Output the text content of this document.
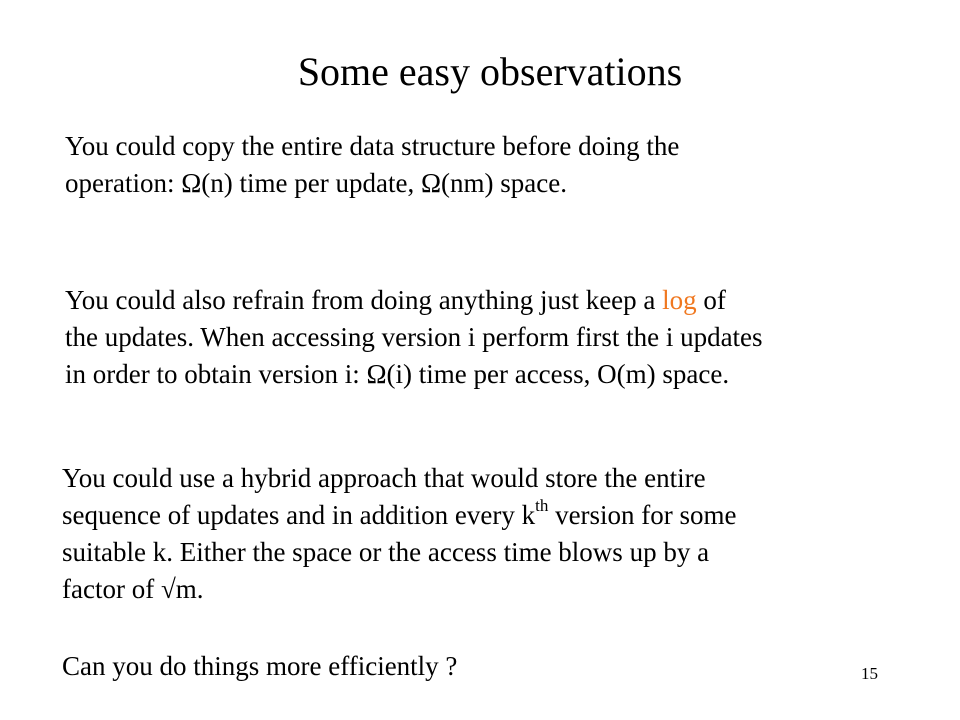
Some easy observations
You could copy the entire data structure before doing the
operation: Ω(n) time per update, Ω(nm) space.
You could also refrain from doing anything just keep a log of
the updates. When accessing version i perform first the i updates
in order to obtain version i: Ω(i) time per access, O(m) space.
You could use a hybrid approach that would store the entire
sequence of updates and in addition every $k^{th}$ version for some
suitable k. Either the space or the access time blows up by a
factor of √m.
Can you do things more efficiently ?	15
